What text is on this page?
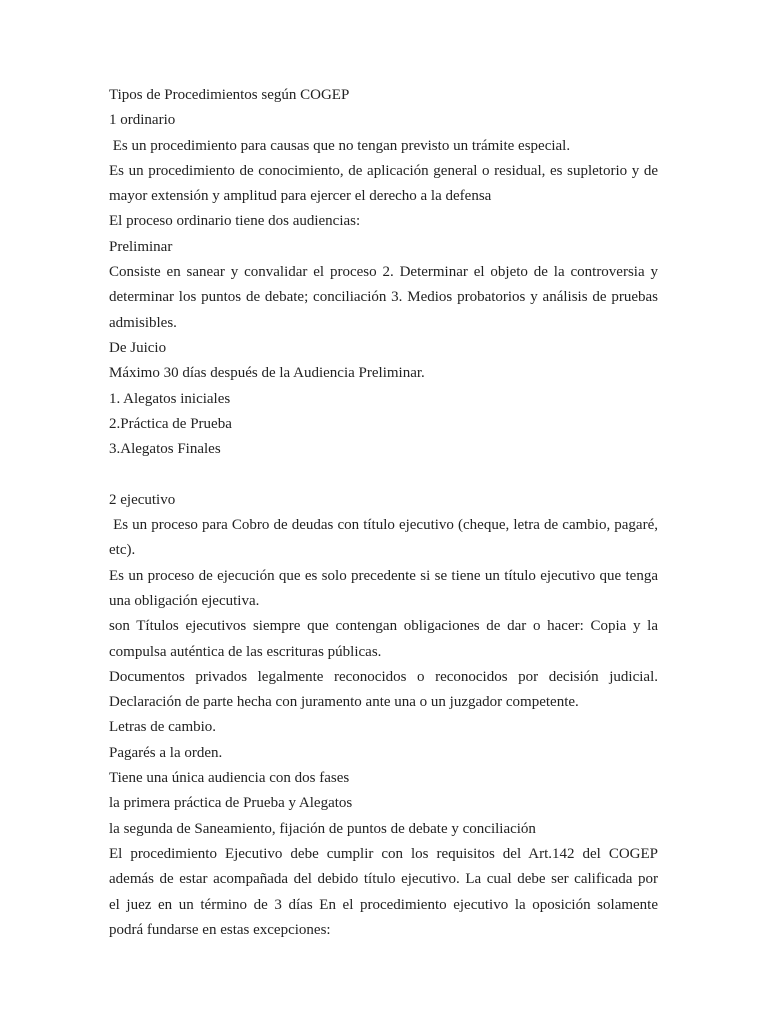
Tipos de Procedimientos según COGEP
1 ordinario
Es un procedimiento para causas que no tengan previsto un trámite especial.
Es un procedimiento de conocimiento, de aplicación general o residual, es supletorio y de
mayor extensión y amplitud para ejercer el derecho a la defensa
El proceso ordinario tiene dos audiencias:
Preliminar
Consiste en sanear y convalidar el proceso 2. Determinar el objeto de la controversia y
determinar los puntos de debate; conciliación 3. Medios probatorios y análisis de pruebas
admisibles.
De Juicio
Máximo 30 días después de la Audiencia Preliminar.
1. Alegatos iniciales
2.Práctica de Prueba
3.Alegatos Finales
2 ejecutivo
Es un proceso para Cobro de deudas con título ejecutivo (cheque, letra de cambio, pagaré,
etc).
Es un proceso de ejecución que es solo precedente si se tiene un título ejecutivo que tenga
una obligación ejecutiva.
son Títulos ejecutivos siempre que contengan obligaciones de dar o hacer: Copia y la
compulsa auténtica de las escrituras públicas.
Documentos privados legalmente reconocidos o reconocidos por decisión judicial.
Declaración de parte hecha con juramento ante una o un juzgador competente.
Letras de cambio.
Pagarés a la orden.
Tiene una única audiencia con dos fases
la primera práctica de Prueba y Alegatos
la segunda de Saneamiento, fijación de puntos de debate y conciliación
El procedimiento Ejecutivo debe cumplir con los requisitos del Art.142 del COGEP
además de estar acompañada del debido título ejecutivo. La cual debe ser calificada por
el juez en un término de 3 días En el procedimiento ejecutivo la oposición solamente
podrá fundarse en estas excepciones:
